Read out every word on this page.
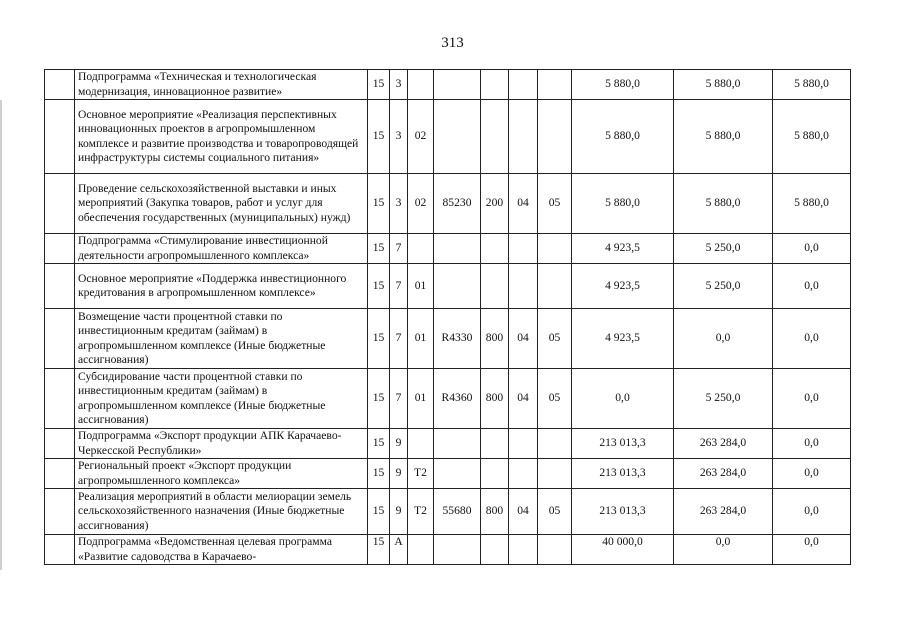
313
	Подпрограмма «Техническая и технологическая модернизация, инновационное развитие»	15	3						5 880,0	5 880,0	5 880,0
	Основное мероприятие «Реализация перспективных инновационных проектов в агропромышленном комплексе и развитие производства и товаропроводящей инфраструктуры системы социального питания»	15	3	02					5 880,0	5 880,0	5 880,0
	Проведение сельскохозяйственной выставки и иных мероприятий (Закупка товаров, работ и услуг для обеспечения государственных (муниципальных) нужд)	15	3	02	85230	200	04	05	5 880,0	5 880,0	5 880,0
	Подпрограмма «Стимулирование инвестиционной деятельности агропромышленного комплекса»	15	7						4 923,5	5 250,0	0,0
	Основное мероприятие «Поддержка инвестиционного кредитования в агропромышленном комплексе»	15	7	01					4 923,5	5 250,0	0,0
	Возмещение части процентной ставки по инвестиционным кредитам (займам) в агропромышленном комплексе (Иные бюджетные ассигнования)	15	7	01	R4330	800	04	05	4 923,5	0,0	0,0
	Субсидирование части процентной ставки по инвестиционным кредитам (займам) в агропромышленном комплексе (Иные бюджетные ассигнования)	15	7	01	R4360	800	04	05	0,0	5 250,0	0,0
	Подпрограмма «Экспорт продукции АПК Карачаево-Черкесской Республики»	15	9						213 013,3	263 284,0	0,0
	Региональный проект «Экспорт продукции агропромышленного комплекса»	15	9	Т2					213 013,3	263 284,0	0,0
	Реализация мероприятий в области мелиорации земель сельскохозяйственного назначения (Иные бюджетные ассигнования)	15	9	Т2	55680	800	04	05	213 013,3	263 284,0	0,0
	Подпрограмма «Ведомственная целевая программа «Развитие садоводства в Карачаево-	15	А						40 000,0	0,0	0,0
